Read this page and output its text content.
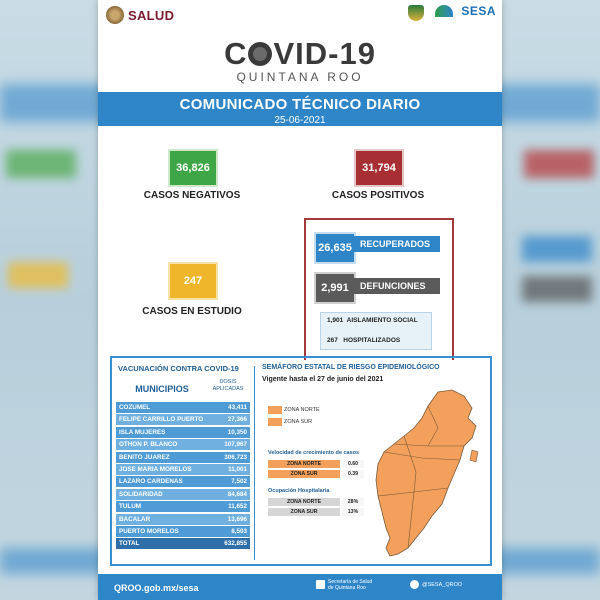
SALUD	SESA
C VID-19
QUINTANA ROO
COMUNICADO TÉCNICO DIARIO
25-06-2021
36,826
CASOS NEGATIVOS
31,794
CASOS POSITIVOS
247
CASOS EN ESTUDIO
26,635 RECUPERADOS
2,991	DEFUNCIONES
1,901 AISLAMIENTO SOCIAL
267 HOSPITALIZADOS
VACUNACIÓN CONTRA COVID-19
MUNICIPIOS
DOSIS APLICADAS
COZUMEL	43,411
FELIPE CARRILLO PUERTO	27,366
ISLA MUJERES	10,350
OTHON P. BLANCO	107,967
BENITO JUAREZ	306,723
JOSE MARIA MORELOS	11,001
LAZARO CARDENAS	7,502
SOLIDARIDAD	84,684
TULUM	11,652
BACALAR	13,696
PUERTO MORELOS	8,503
TOTAL	632,855
SEMÁFORO ESTATAL DE RIESGO EPIDEMIOLÓGICO
Vigente hasta el 27 de junio del 2021
ZONA NORTE
ZONA SUR
Velocidad de crecimiento de casos
ZONA NORTE	0.60
ZONA SUR	0.39
Ocupación Hospitalaria
ZONA NORTE	28%
ZONA SUR	13%
QROO.gob.mx/sesa
Secretaría de Salud
de Quintana Roo	@SESA_QROO
